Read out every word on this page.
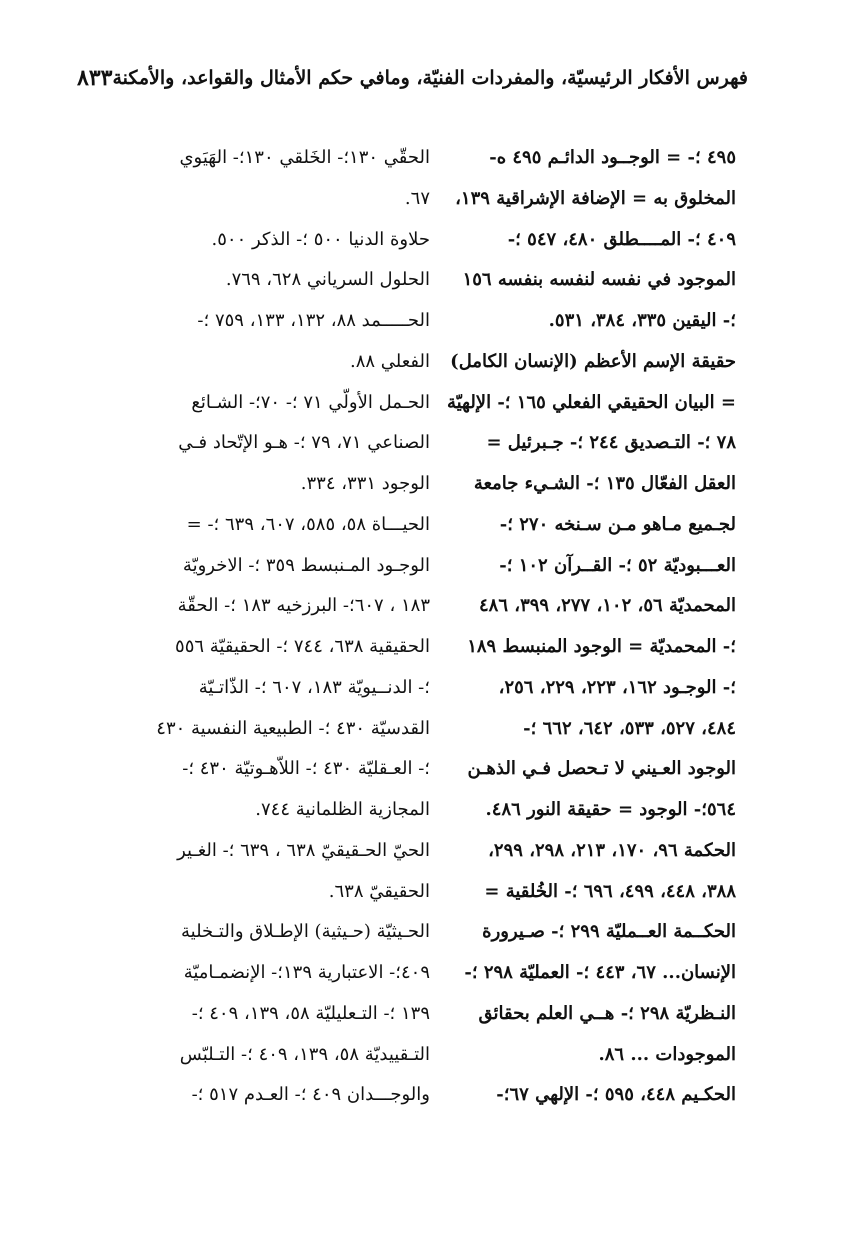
فهرس الأفكار الرئيسيّة، والمفردات الفنيّة، ومافي حكم الأمثال والقواعد، والأمكنة
٨٣٣
٤٩٥ ؛- = الوجــود الدائـم ٤٩٥ ه-
المخلوق به = الإضافة الإشراقية ١٣٩،
٤٠٩ ؛- المــــطلق ٤٨٠، ٥٤٧ ؛-
الموجود في نفسه لنفسه بنفسه ١٥٦
؛- اليقين ٣٣٥، ٣٨٤، ٥٣١.
حقيقة الإسم الأعظم (الإنسان الكامل)
= البيان الحقيقي الفعلي ١٦٥ ؛- الإلهيّة
٧٨ ؛- التـصديق ٢٤٤ ؛- جـبرئيل =
العقل الفعّال ١٣٥ ؛- الشـيء جامعة
لجـميع مـاهو مـن سـنخه ٢٧٠ ؛-
العـــبوديّة ٥٢ ؛- القــرآن ١٠٢ ؛-
المحمديّة ٥٦، ١٠٢، ٢٧٧، ٣٩٩، ٤٨٦
؛- المحمديّة = الوجود المنبسط ١٨٩
؛- الوجـود ١٦٢، ٢٢٣، ٢٢٩، ٢٥٦،
٤٨٤، ٥٢٧، ٥٣٣، ٦٤٢، ٦٦٢ ؛-
الوجود العـيني لا تـحصل فـي الذهـن
٥٦٤؛- الوجود = حقيقة النور ٤٨٦.
الحكمة ٩٦، ١٧٠، ٢١٣، ٢٩٨، ٢٩٩،
٣٨٨، ٤٤٨، ٤٩٩، ٦٩٦ ؛- الخُلقية =
الحكــمة العــمليّة ٢٩٩ ؛- صـيرورة
الإنسان... ٦٧، ٤٤٣ ؛- العمليّة ٢٩٨ ؛-
النـظريّة ٢٩٨ ؛- هــي العلم بحقائق
الموجودات ... ٨٦.
الحكـيم ٤٤٨، ٥٩٥ ؛- الإلهي ٦٧؛-
الحقّي ١٣٠؛- الخَلقي ١٣٠؛- الهَيَوي
٦٧.
حلاوة الدنيا ٥٠٠ ؛- الذكر ٥٠٠.
الحلول السرياني ٦٢٨، ٧٦٩.
الحـــــمد ٨٨، ١٣٢، ١٣٣، ٧٥٩ ؛-
الفعلي ٨٨.
الحـمل الأولّي ٧١ ؛- ٧٠؛- الشـائع
الصناعي ٧١، ٧٩ ؛- هـو الإتّحاد فـي
الوجود ٣٣١، ٣٣٤.
الحيـــاة ٥٨، ٥٨٥، ٦٠٧، ٦٣٩ ؛- =
الوجـود المـنبسط ٣٥٩ ؛- الاخرويّة
١٨٣ ، ٦٠٧؛- البرزخيه ١٨٣ ؛- الحقّة
الحقيقية ٦٣٨، ٧٤٤ ؛- الحقيقيّة ٥٥٦
؛- الدنــيويّة ١٨٣، ٦٠٧ ؛- الذّاتـيّة
القدسيّة ٤٣٠ ؛- الطبيعية النفسية ٤٣٠
؛- العـقليّة ٤٣٠ ؛- اللاّهـوتيّة ٤٣٠ ؛-
المجازية الظلمانية ٧٤٤.
الحيّ الحـقيقيّ ٦٣٨ ، ٦٣٩ ؛- الغـير
الحقيقيّ ٦٣٨.
الحـيثيّة (حـيثية) الإطـلاق والتـخلية
٤٠٩؛- الاعتبارية ١٣٩؛- الإنضمـاميّة
١٣٩ ؛- التـعليليّة ٥٨، ١٣٩، ٤٠٩ ؛-
التـقييديّة ٥٨، ١٣٩، ٤٠٩ ؛- التـلبّس
والوجـــدان ٤٠٩ ؛- العـدم ٥١٧ ؛-
